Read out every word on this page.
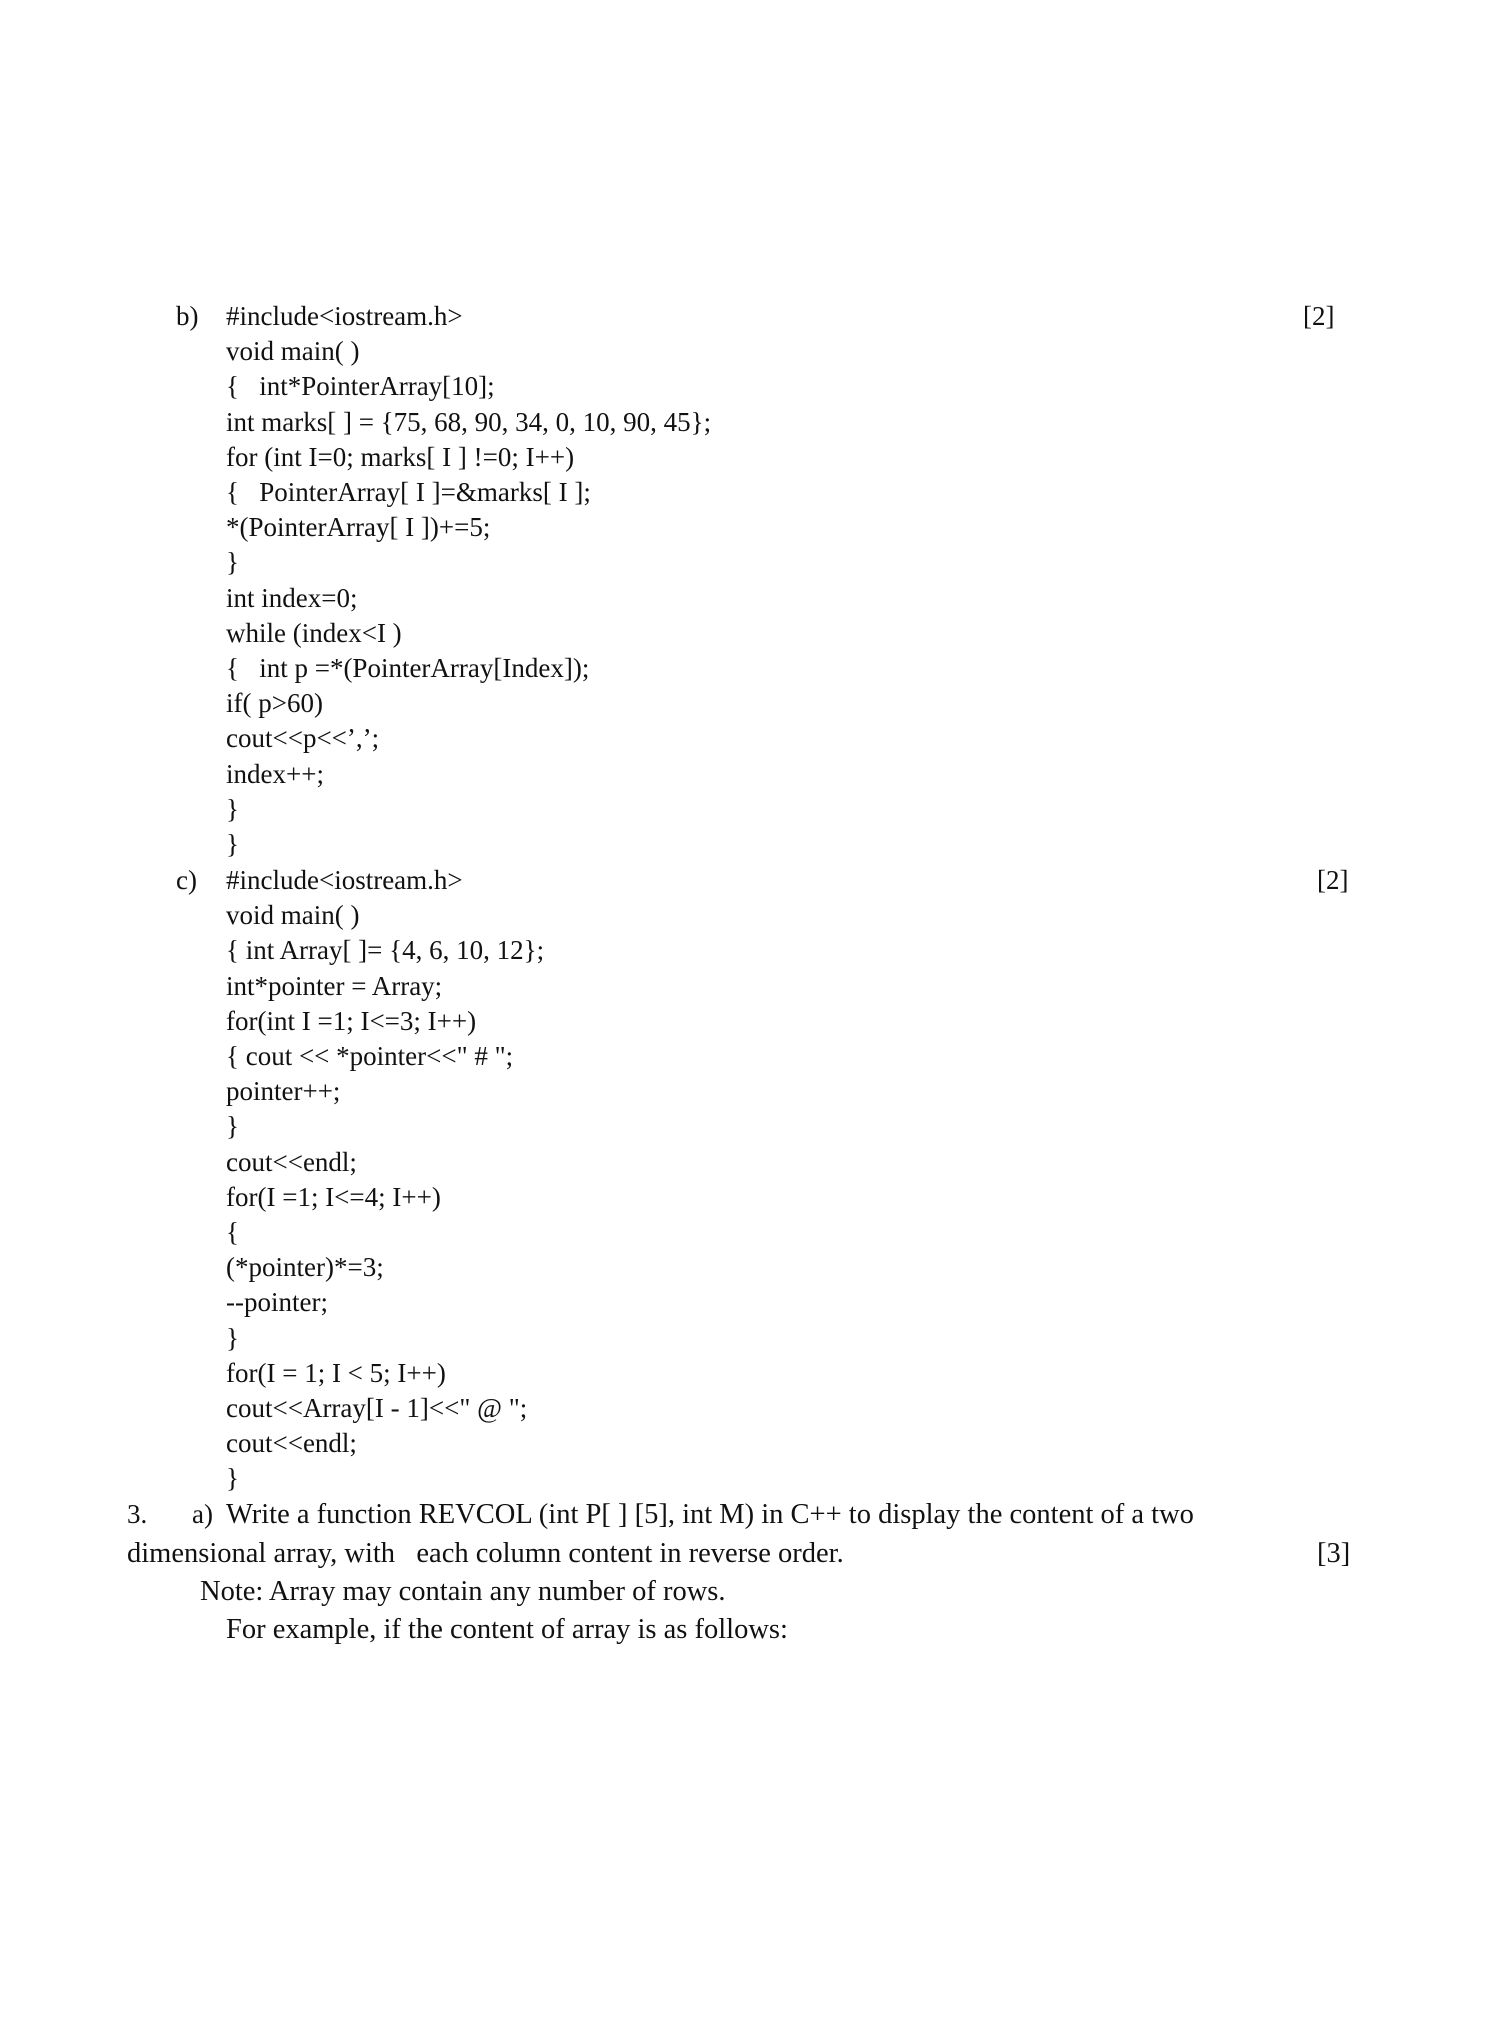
b)	[2]
#include<iostream.h>
void main( )
{   int*PointerArray[10];
int marks[ ] = {75, 68, 90, 34, 0, 10, 90, 45};
for (int I=0; marks[ I ] !=0; I++)
{   PointerArray[ I ]=&marks[ I ];
*(PointerArray[ I ])+=5;
}
int index=0;
while (index<I )
{   int p =*(PointerArray[Index]);
if( p>60)
cout<<p<<’,’;
index++;
}
}
c)	[2]
#include<iostream.h>
void main( )
{ int Array[ ]= {4, 6, 10, 12};
int*pointer = Array;
for(int I =1; I<=3; I++)
{ cout << *pointer<<" # ";
pointer++;
}
cout<<endl;
for(I =1; I<=4; I++)
{
(*pointer)*=3;
--pointer;
}
for(I = 1; I < 5; I++)
cout<<Array[I - 1]<<" @ ";
cout<<endl;
}
3. a) Write a function REVCOL (int P[ ] [5], int M) in C++ to display the content of a two
dimensional array, with   each column content in reverse order.	[3]
Note: Array may contain any number of rows.
For example, if the content of array is as follows:
